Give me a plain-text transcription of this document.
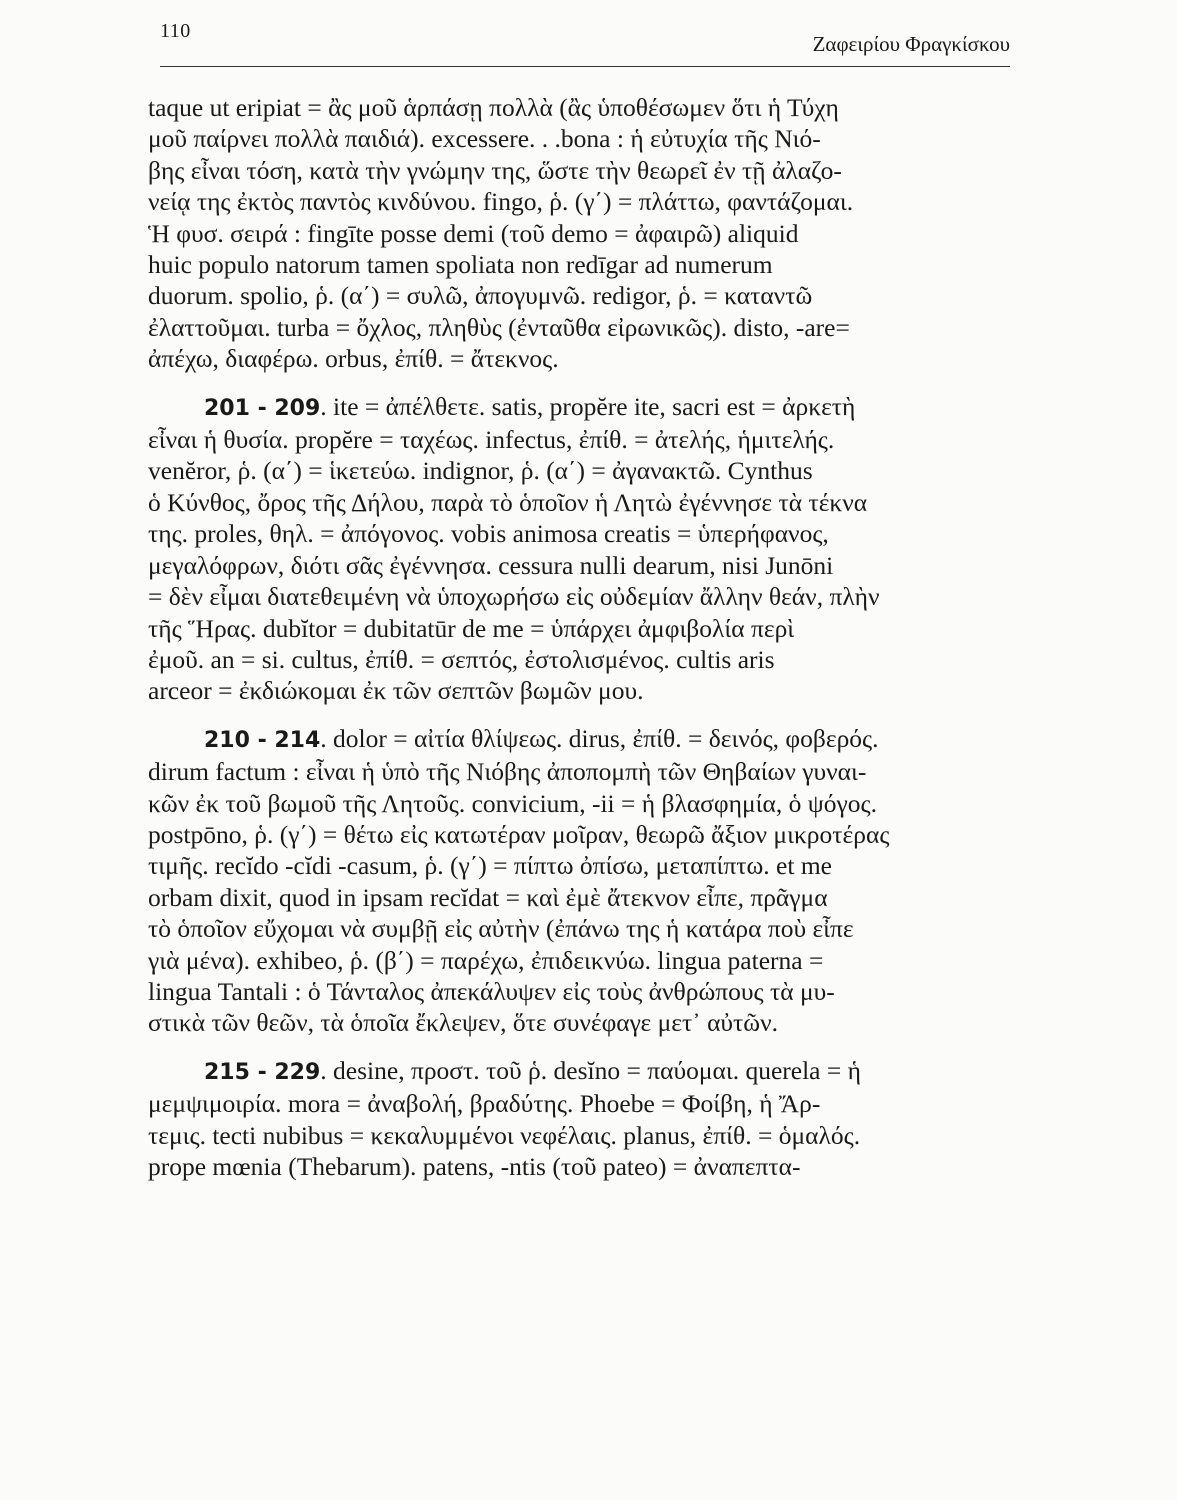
110
Ζαφειρίου Φραγκίσκου

taque ut eripiat = ἂς μοῦ ἁρπάσῃ πολλὰ (ἂς ὑποθέσωμεν ὅτι ἡ Τύχη
μοῦ παίρνει πολλὰ παιδιά). excessere. . .bona : ἡ εὐτυχία τῆς Νιό-
βης εἶναι τόση, κατὰ τὴν γνώμην της, ὥστε τὴν θεωρεῖ ἐν τῇ ἀλαζο-
νείᾳ της ἐκτὸς παντὸς κινδύνου. fingo, ῥ. (γ΄) = πλάττω, φαντάζομαι.
Ἡ φυσ. σειρά : fingīte posse demi (τοῦ demo = ἀφαιρῶ) aliquid
huic populo natorum tamen spoliata non redīgar ad numerum
duorum. spolio, ῥ. (α΄) = συλῶ, ἀπογυμνῶ. redigor, ῥ. = καταντῶ
ἐλαττοῦμαι. turba = ὄχλος, πληθὺς (ἐνταῦθα εἰρωνικῶς). disto, -are=
ἀπέχω, διαφέρω. orbus, ἐπίθ. = ἄτεκνος.

201 - 209. ite = ἀπέλθετε. satis, propĕre ite, sacri est = ἀρκετὴ
εἶναι ἡ θυσία. propĕre = ταχέως. infectus, ἐπίθ. = ἀτελής, ἡμιτελής.
venĕror, ῥ. (α΄) = ἱκετεύω. indignor, ῥ. (α΄) = ἀγανακτῶ. Cynthus
ὁ Κύνθος, ὄρος τῆς Δήλου, παρὰ τὸ ὁποῖον ἡ Λητὼ ἐγέννησε τὰ τέκνα
της. proles, θηλ. = ἀπόγονος. vobis animosa creatis = ὑπερήφανος,
μεγαλόφρων, διότι σᾶς ἐγέννησα. cessura nulli dearum, nisi Junōni
= δὲν εἶμαι διατεθειμένη νὰ ὑποχωρήσω εἰς οὐδεμίαν ἄλλην θεάν, πλὴν
τῆς Ἥρας. dubĭtor = dubitatūr de me = ὑπάρχει ἀμφιβολία περὶ
ἐμοῦ. an = si. cultus, ἐπίθ. = σεπτός, ἐστολισμένος. cultis aris
arceor = ἐκδιώκομαι ἐκ τῶν σεπτῶν βωμῶν μου.

210 - 214. dolor = αἰτία θλίψεως. dirus, ἐπίθ. = δεινός, φοβερός.
dirum factum : εἶναι ἡ ὑπὸ τῆς Νιόβης ἀποπομπὴ τῶν Θηβαίων γυναι-
κῶν ἐκ τοῦ βωμοῦ τῆς Λητοῦς. convicium, -ii = ἡ βλασφημία, ὁ ψόγος.
postpōno, ῥ. (γ΄) = θέτω εἰς κατωτέραν μοῖραν, θεωρῶ ἄξιον μικροτέρας
τιμῆς. recĭdo -cĭdi -casum, ῥ. (γ΄) = πίπτω ὀπίσω, μεταπίπτω. et me
orbam dixit, quod in ipsam recĭdat = καὶ ἐμὲ ἄτεκνον εἶπε, πρᾶγμα
τὸ ὁποῖον εὔχομαι νὰ συμβῇ εἰς αὐτὴν (ἐπάνω της ἡ κατάρα ποὺ εἶπε
γιὰ μένα). exhibeo, ῥ. (β΄) = παρέχω, ἐπιδεικνύω. lingua paterna =
lingua Tantali : ὁ Τάνταλος ἀπεκάλυψεν εἰς τοὺς ἀνθρώπους τὰ μυ-
στικὰ τῶν θεῶν, τὰ ὁποῖα ἔκλεψεν, ὅτε συνέφαγε μετ᾿ αὐτῶν.

215 - 229. desine, προστ. τοῦ ῥ. desĭno = παύομαι. querela = ἡ
μεμψιμοιρία. mora = ἀναβολή, βραδύτης. Phoebe = Φοίβη, ἡ Ἄρ-
τεμις. tecti nubibus = κεκαλυμμένοι νεφέλαις. planus, ἐπίθ. = ὁμαλός.
prope mœnia (Thebarum). patens, -ntis (τοῦ pateo) = ἀναπεπτα-
